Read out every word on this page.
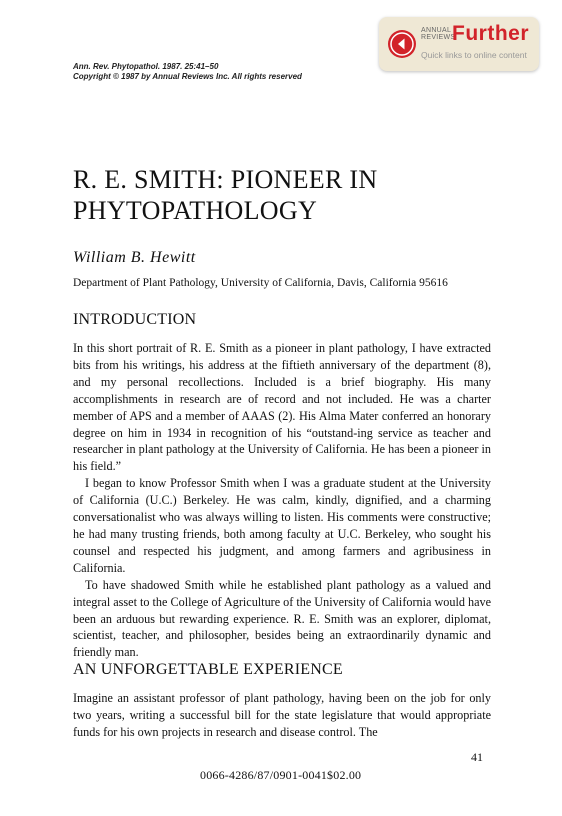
ANNUAL
REVIEWS
Further
Quick links to online content
Ann. Rev. Phytopathol. 1987. 25:41–50
Copyright © 1987 by Annual Reviews Inc. All rights reserved
R. E. SMITH: PIONEER IN
PHYTOPATHOLOGY
William B. Hewitt
Department of Plant Pathology, University of California, Davis, California 95616
INTRODUCTION

In this short portrait of R. E. Smith as a pioneer in plant pathology, I have extracted bits from his writings, his address at the fiftieth anniversary of the department (8), and my personal recollections. Included is a brief biography. His many accomplishments in research are of record and not included. He was a charter member of APS and a member of AAAS (2). His Alma Mater conferred an honorary degree on him in 1934 in recognition of his “outstand-ing service as teacher and researcher in plant pathology at the University of California. He has been a pioneer in his field.”

I began to know Professor Smith when I was a graduate student at the University of California (U.C.) Berkeley. He was calm, kindly, dignified, and a charming conversationalist who was always willing to listen. His comments were constructive; he had many trusting friends, both among faculty at U.C. Berkeley, who sought his counsel and respected his judgment, and among farmers and agribusiness in California.

To have shadowed Smith while he established plant pathology as a valued and integral asset to the College of Agriculture of the University of California would have been an arduous but rewarding experience. R. E. Smith was an explorer, diplomat, scientist, teacher, and philosopher, besides being an extraordinarily dynamic and friendly man.

AN UNFORGETTABLE EXPERIENCE

Imagine an assistant professor of plant pathology, having been on the job for only two years, writing a successful bill for the state legislature that would appropriate funds for his own projects in research and disease control. The

41
0066-4286/87/0901-0041$02.00
